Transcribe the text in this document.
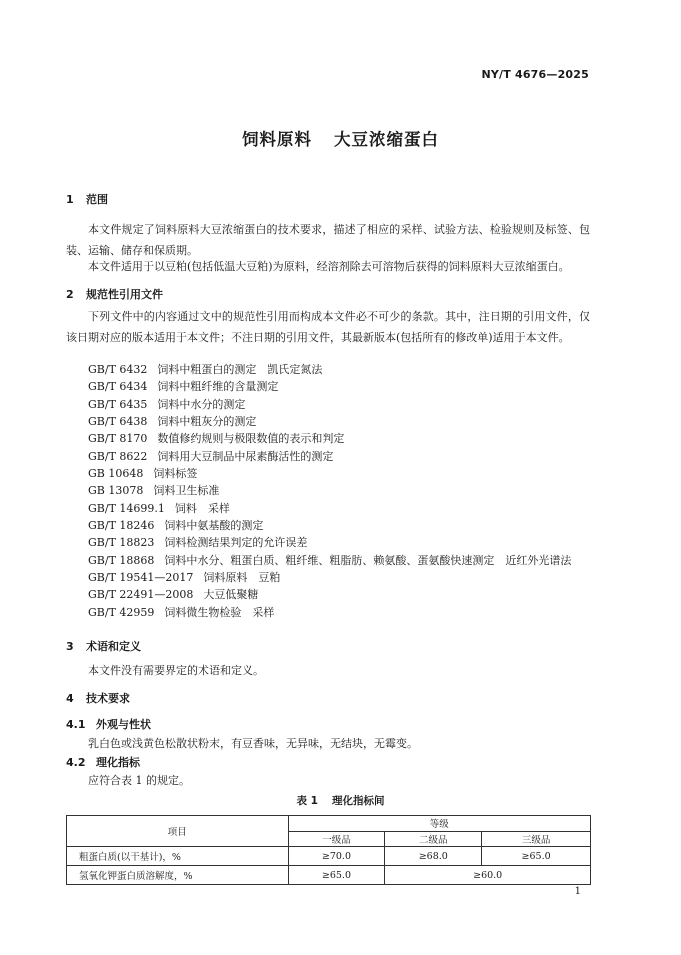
NY/T 4676—2025
饲料原料 大豆浓缩蛋白
1 范围
本文件规定了饲料原料大豆浓缩蛋白的技术要求，描述了相应的采样、试验方法、检验规则及标签、包装、运输、储存和保质期。
本文件适用于以豆粕(包括低温大豆粕)为原料，经溶剂除去可溶物后获得的饲料原料大豆浓缩蛋白。
2 规范性引用文件
下列文件中的内容通过文中的规范性引用而构成本文件必不可少的条款。其中，注日期的引用文件，仅该日期对应的版本适用于本文件；不注日期的引用文件，其最新版本(包括所有的修改单)适用于本文件。
GB/T 6432 饲料中粗蛋白的测定　凯氏定氮法
GB/T 6434 饲料中粗纤维的含量测定
GB/T 6435 饲料中水分的测定
GB/T 6438 饲料中粗灰分的测定
GB/T 8170 数值修约规则与极限数值的表示和判定
GB/T 8622 饲料用大豆制品中尿素酶活性的测定
GB 10648 饲料标签
GB 13078 饲料卫生标准
GB/T 14699.1 饲料　采样
GB/T 18246 饲料中氨基酸的测定
GB/T 18823 饲料检测结果判定的允许误差
GB/T 18868 饲料中水分、粗蛋白质、粗纤维、粗脂肪、赖氨酸、蛋氨酸快速测定　近红外光谱法
GB/T 19541—2017 饲料原料　豆粕
GB/T 22491—2008 大豆低聚糖
GB/T 42959 饲料微生物检验　采样
3 术语和定义
本文件没有需要界定的术语和定义。
4 技术要求
4.1 外观与性状
乳白色或浅黄色松散状粉末，有豆香味，无异味，无结块，无霉变。
4.2 理化指标
应符合表 1 的规定。
表 1 理化指标间
项目	等级		
	一级品	二级品	三级品
粗蛋白质(以干基计)，%	≥70.0	≥68.0	≥65.0
氢氧化钾蛋白质溶解度，%	≥65.0	≥60.0	
1
